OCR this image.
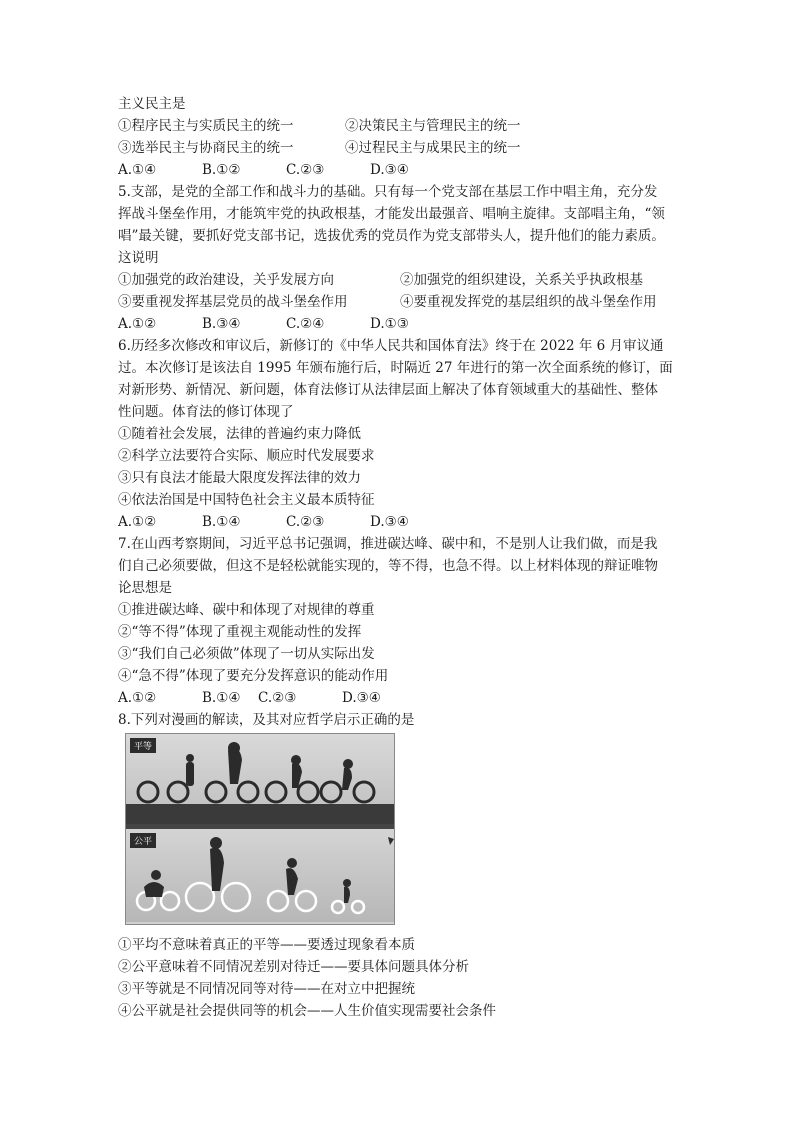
主义民主是
①程序民主与实质民主的统一	②决策民主与管理民主的统一
③选举民主与协商民主的统一	④过程民主与成果民主的统一
A.①④	B.①②	C.②③	D.③④
5.支部，是党的全部工作和战斗力的基础。只有每一个党支部在基层工作中唱主角，充分发
挥战斗堡垒作用，才能筑牢党的执政根基，才能发出最强音、唱响主旋律。支部唱主角，“领
唱”最关键，要抓好党支部书记，选拔优秀的党员作为党支部带头人，提升他们的能力素质。
这说明
①加强党的政治建设，关乎发展方向	②加强党的组织建设，关系关乎执政根基
③要重视发挥基层党员的战斗堡垒作用	④要重视发挥党的基层组织的战斗堡垒作用
A.①②	B.③④	C.②④	D.①③
6.历经多次修改和审议后，新修订的《中华人民共和国体育法》终于在 2022 年 6 月审议通
过。本次修订是该法自 1995 年颁布施行后，时隔近 27 年进行的第一次全面系统的修订，面
对新形势、新情况、新问题，体育法修订从法律层面上解决了体育领域重大的基础性、整体
性问题。体育法的修订体现了
①随着社会发展，法律的普遍约束力降低
②科学立法要符合实际、顺应时代发展要求
③只有良法才能最大限度发挥法律的效力
④依法治国是中国特色社会主义最本质特征
A.①②	B.①④	C.②③	D.③④
7.在山西考察期间，习近平总书记强调，推进碳达峰、碳中和，不是别人让我们做，而是我
们自己必须要做，但这不是轻松就能实现的，等不得，也急不得。以上材料体现的辩证唯物
论思想是
①推进碳达峰、碳中和体现了对规律的尊重
②“等不得”体现了重视主观能动性的发挥
③“我们自己必须做”体现了一切从实际出发
④“急不得”体现了要充分发挥意识的能动作用
A.①②	B.①④ C.②③	D.③④
8.下列对漫画的解读，及其对应哲学启示正确的是
平等
公平
①平均不意味着真正的平等——要透过现象看本质
②公平意味着不同情况差别对待迁——要具体问题具体分析
③平等就是不同情况同等对待——在对立中把握统
④公平就是社会提供同等的机会——人生价值实现需要社会条件
